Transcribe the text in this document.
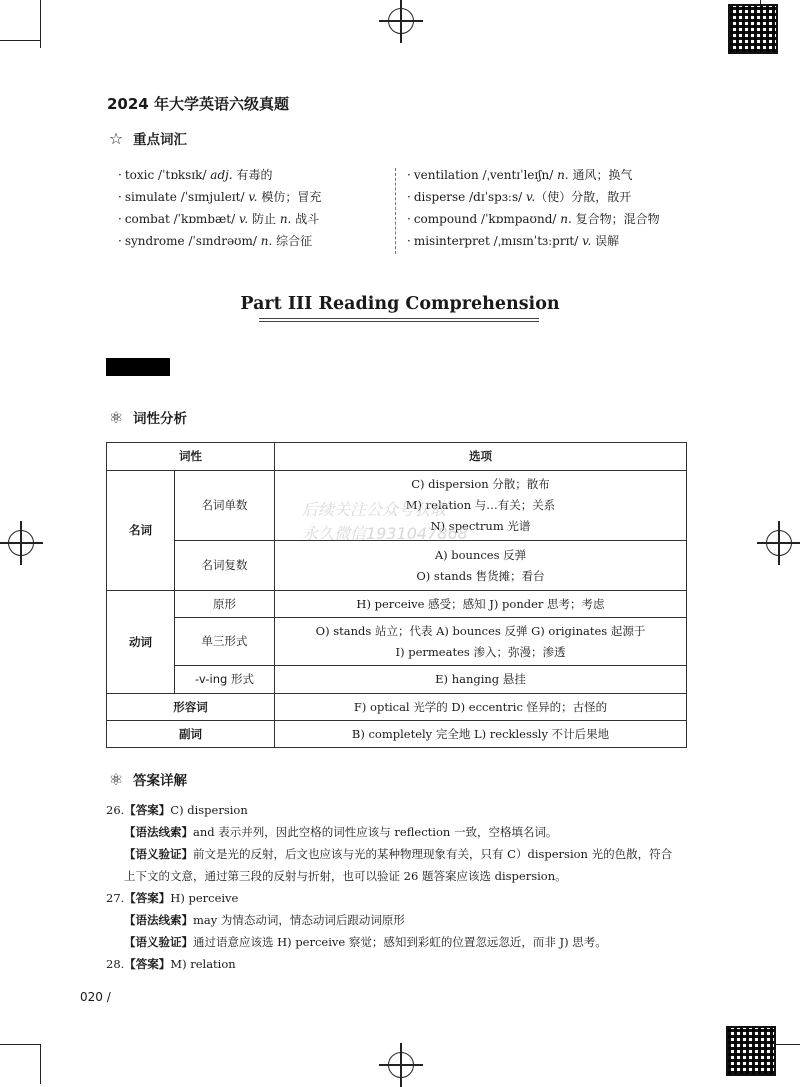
2024 年大学英语六级真题
☆ 重点词汇
· toxic /ˈtɒksɪk/ adj. 有毒的
· simulate /ˈsɪmjuleɪt/ v. 模仿；冒充
· combat /ˈkɒmbæt/ v. 防止 n. 战斗
· syndrome /ˈsɪndrəʊm/ n. 综合征
· ventilation /ˌventɪˈleɪʃn/ n. 通风；换气
· disperse /dɪˈspɜːs/ v.（使）分散，散开
· compound /ˈkɒmpaʊnd/ n. 复合物；混合物
· misinterpret /ˌmɪsɪnˈtɜːprɪt/ v. 误解
Part III Reading Comprehension
⚛ 词性分析
词性		选项
名词	名词单数	C) dispersion 分散；散布
M) relation 与…有关；关系
N) spectrum 光谱

	名词复数	A) bounces 反弹
O) stands 售货摊；看台

动词	原形	H) perceive 感受；感知 J) ponder 思考；考虑
	单三形式	O) stands 站立；代表 A) bounces 反弹 G) originates 起源于
I) permeates 渗入；弥漫；渗透

	-v-ing 形式	E) hanging 悬挂
形容词		F) optical 光学的 D) eccentric 怪异的；古怪的
副词		B) completely 完全地 L) recklessly 不计后果地
后续关注公众号获取
永久微信1931047868
⚛ 答案详解
26.【答案】C) dispersion
【语法线索】and 表示并列，因此空格的词性应该与 reflection 一致，空格填名词。
【语义验证】前文是光的反射，后文也应该与光的某种物理现象有关，只有 C）dispersion 光的色散，符合
上下文的文意，通过第三段的反射与折射，也可以验证 26 题答案应该选 dispersion。
27.【答案】H) perceive
【语法线索】may 为情态动词，情态动词后跟动词原形
【语义验证】通过语意应该选 H) perceive 察觉；感知到彩虹的位置忽远忽近，而非 J) 思考。
28.【答案】M) relation
020 /
